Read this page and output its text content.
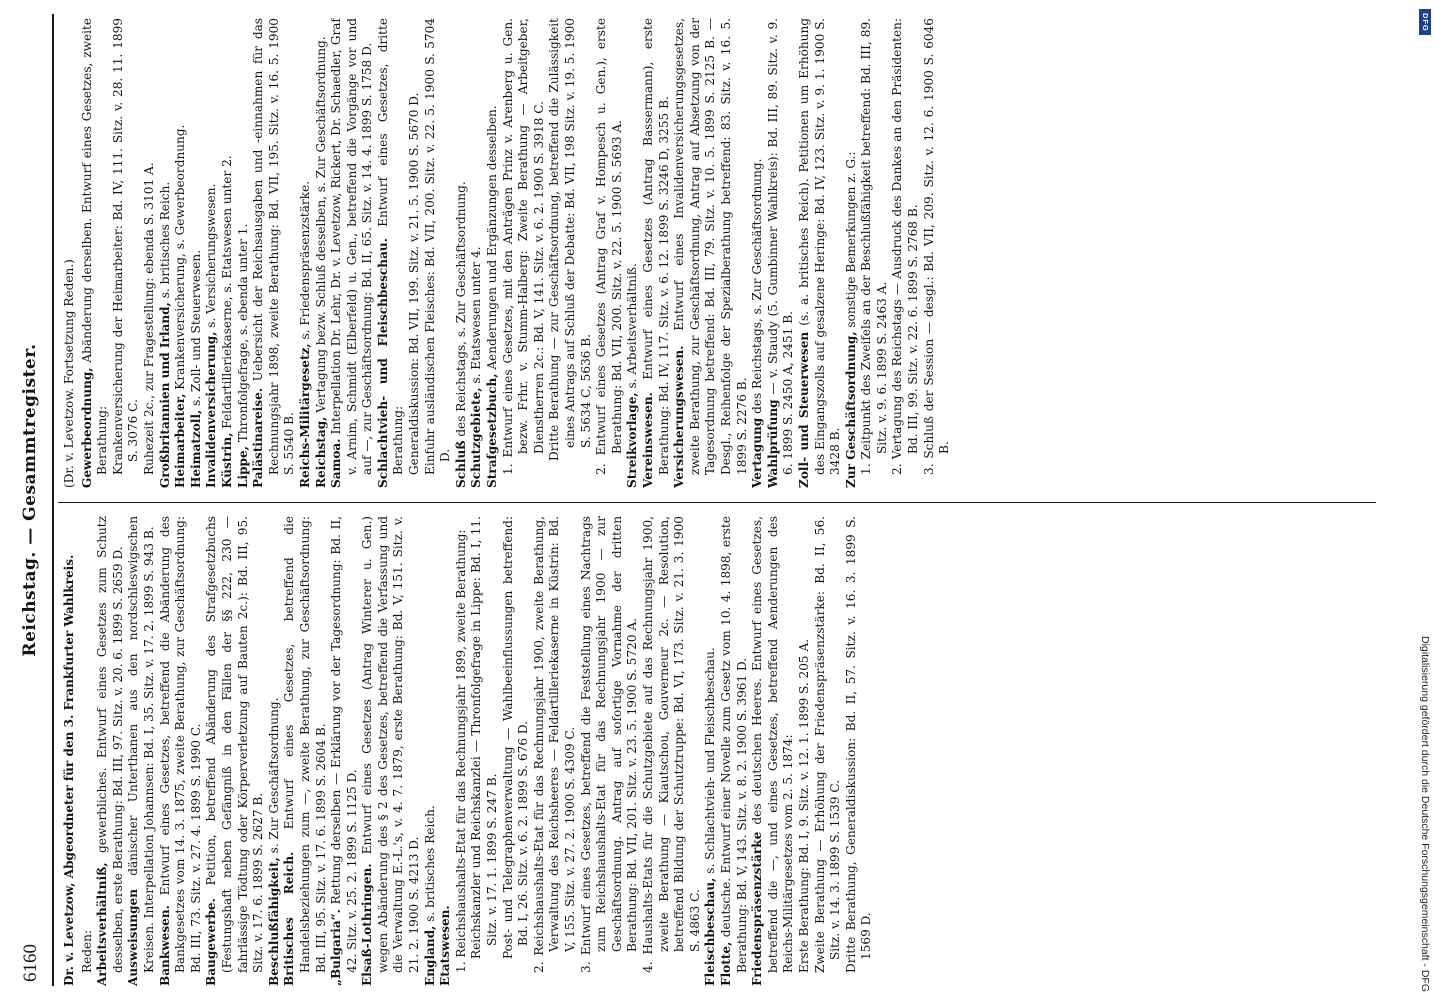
6160
Reichstag. — Gesammtregister.

Dr. v. Levetzow, Abgeordneter für den 3. Frankfurter Wahlkreis. Reden: Arbeitsverhältniß, gewerbliches. Entwurf eines Gesetzes zum Schutz desselben, erste Berathung: Bd. III, 97. Sitz. v. 20. 6. 1899 S. 2659 D. Ausweisungen dänischer Unterthanen aus den nordschleswigschen Kreisen. Interpellation Johannsen: Bd. I, 35. Sitz. v. 17. 2. 1899 S. 943 B. Bankwesen. Entwurf eines Gesetzes, betreffend die Abänderung des Bankgesetzes vom 14. 3. 1875, zweite Berathung, zur Geschäftsordnung: Bd. III, 73. Sitz. v. 27. 4. 1899 S. 1990 C. Baugewerbe. Petition, betreffend Abänderung des Strafgesetzbuchs (Festungshaft neben Gefängniß in den Fällen der §§ 222, 230 — fahrlässige Tödtung oder Körperverletzung auf Bauten 2c.): Bd. III, 95. Sitz. v. 17. 6. 1899 S. 2627 B. Beschlußfähigkeit, s. Zur Geschäftsordnung.

Britisches Reich. Entwurf eines Gesetzes, betreffend die Handelsbeziehungen zum —, zweite Berathung, zur Geschäftsordnung: Bd. III, 95. Sitz. v. 17. 6. 1899 S. 2604 B. „Bulgaria“. Rettung derselben — Erklärung vor der Tagesordnung: Bd. II, 42. Sitz. v. 25. 2. 1899 S. 1125 D. Elsaß-Lothringen. Entwurf eines Gesetzes (Antrag Winterer u. Gen.) wegen Abänderung des § 2 des Gesetzes, betreffend die Verfassung und die Verwaltung E.-L.'s, v. 4. 7. 1879, erste Berathung: Bd. V, 151. Sitz. v. 21. 2. 1900 S. 4213 D. England, s. britisches Reich.

Etatswesen. 1. Reichshaushalts-Etat für das Rechnungsjahr 1899, zweite Berathung: Reichskanzler und Reichskanzlei — Thronfolgefrage in Lippe: Bd. I, 11. Sitz. v. 17. 1. 1899 S. 247 B. Post- und Telegraphenverwaltung — Wahlbeeinflussungen betreffend: Bd. I, 26. Sitz. v. 6. 2. 1899 S. 676 D. 2. Reichshaushalts-Etat für das Rechnungsjahr 1900, zweite Berathung, Verwaltung des Reichsheeres — Feldartilleriekaserne in Küstrin: Bd. V, 155. Sitz. v. 27. 2. 1900 S. 4309 C. 3. Entwurf eines Gesetzes, betreffend die Feststellung eines Nachtrags zum Reichshaushalts-Etat für das Rechnungsjahr 1900 — zur Geschäftsordnung. Antrag auf sofortige Vornahme der dritten Berathung: Bd. VII, 201. Sitz. v. 23. 5. 1900 S. 5720 A. 4. Haushalts-Etats für die Schutzgebiete auf das Rechnungsjahr 1900, zweite Berathung — Kiautschou, Gouverneur 2c. — Resolution, betreffend Bildung der Schutztruppe: Bd. VI, 173. Sitz. v. 21. 3. 1900 S. 4863 C. Fleischbeschau, s. Schlachtvieh- und Fleischbeschau.

Flotte, deutsche. Entwurf einer Novelle zum Gesetz vom 10. 4. 1898, erste Berathung: Bd. V, 143. Sitz. v. 8. 2. 1900 S. 3961 D. Friedenspräsenzstärke des deutschen Heeres. Entwurf eines Gesetzes, betreffend die —, und eines Gesetzes, betreffend Aenderungen des Reichs-Militärgesetzes vom 2. 5. 1874: Erste Berathung: Bd. I, 9. Sitz. v. 12. 1. 1899 S. 205 A. Zweite Berathung — Erhöhung der Friedenspräsenzstärke: Bd. II, 56. Sitz. v. 14. 3. 1899 S. 1539 C. Dritte Berathung, Generaldiskussion: Bd. II, 57. Sitz. v. 16. 3. 1899 S. 1569 D.

(Dr. v. Levetzow. Fortsetzung Reden.) Gewerbeordnung, Abänderung derselben. Entwurf eines Gesetzes, zweite Berathung: Krankenversicherung der Heimarbeiter: Bd. IV, 111. Sitz. v. 28. 11. 1899 S. 3076 C. Ruhezeit 2c., zur Fragestellung: ebenda S. 3101 A. Großbritannien und Irland, s. britisches Reich.

Heimarbeiter, Krankenversicherung, s. Gewerbeordnung.

Heimatzoll, s. Zoll- und Steuerwesen.

Invalidenversicherung, s. Versicherungswesen.

Küstrin, Feldartilleriekaserne, s. Etatswesen unter 2.

Lippe, Thronfolgefrage, s. ebenda unter 1. Palästinareise. Uebersicht der Reichsausgaben und -einnahmen für das Rechnungsjahr 1898, zweite Berathung: Bd. VII, 195. Sitz. v. 16. 5. 1900 S. 5540 B. Reichs-Militärgesetz, s. Friedenspräsenzstärke.

Reichstag, Vertagung bezw. Schluß desselben, s. Zur Geschäftsordnung.

Samoa. Interpellation Dr. Lehr, Dr. v. Levetzow, Rickert, Dr. Schaedler, Graf v. Arnim, Schmidt (Elberfeld) u. Gen., betreffend die Vorgänge vor und auf —, zur Geschäftsordnung: Bd. II, 65. Sitz. v. 14. 4. 1899 S. 1758 D. Schlachtvieh- und Fleischbeschau. Entwurf eines Gesetzes, dritte Berathung: Generaldiskussion: Bd. VII, 199. Sitz. v. 21. 5. 1900 S. 5670 D. Einfuhr ausländischen Fleisches: Bd. VII, 200. Sitz. v. 22. 5. 1900 S. 5704 D. Schluß des Reichstags, s. Zur Geschäftsordnung. Schutzgebiete, s. Etatswesen unter 4.

Strafgesetzbuch, Aenderungen und Ergänzungen desselben. 1. Entwurf eines Gesetzes, mit den Anträgen Prinz v. Arenberg u. Gen. bezw. Frhr. v. Stumm-Halberg: Zweite Berathung — Arbeitgeber, Dienstherren 2c.: Bd. V, 141. Sitz. v. 6. 2. 1900 S. 3918 C. Dritte Berathung — zur Geschäftsordnung, betreffend die Zulässigkeit eines Antrags auf Schluß der Debatte: Bd. VII, 198 Sitz. v. 19. 5. 1900 S. 5634 C, 5636 B. 2. Entwurf eines Gesetzes (Antrag Graf v. Hompesch u. Gen.), erste Berathung: Bd. VII, 200. Sitz. v. 22. 5. 1900 S. 5693 A. Streikvorlage, s. Arbeitsverhältniß.

Vereinswesen. Entwurf eines Gesetzes (Antrag Bassermann), erste Berathung: Bd. IV, 117. Sitz. v. 6. 12. 1899 S. 3246 D, 3255 B. Versicherungswesen. Entwurf eines Invalidenversicherungsgesetzes, zweite Berathung, zur Geschäftsordnung, Antrag auf Absetzung von der Tagesordnung betreffend: Bd. III, 79. Sitz. v. 10. 5. 1899 S. 2125 B. — Desgl., Reihenfolge der Spezialberathung betreffend: 83. Sitz. v. 16. 5. 1899 S. 2276 B. Vertagung des Reichstags, s. Zur Geschäftsordnung.

Wahlprüfung — v. Staudy (5. Gumbinner Wahlkreis): Bd. III, 89. Sitz. v. 9. 6. 1899 S. 2450 A, 2451 B. Zoll- und Steuerwesen (s. a. britisches Reich). Petitionen um Erhöhung des Eingangszolls auf gesalzene Heringe: Bd. IV, 123. Sitz. v. 9. 1. 1900 S. 3428 B. Zur Geschäftsordnung, sonstige Bemerkungen z. G.: 1. Zeitpunkt des Zweifels an der Beschlußfähigkeit betreffend: Bd. III, 89. Sitz. v. 9. 6. 1899 S. 2463 A. 2. Vertagung des Reichstags — Ausdruck des Dankes an den Präsidenten: Bd. III, 99. Sitz. v. 22. 6. 1899 S. 2768 B. 3. Schluß der Session — desgl.: Bd. VII, 209. Sitz. v. 12. 6. 1900 S. 6046 B.

DFG
Digitalisierung gefördert durch die Deutsche Forschungsgemeinschaft - DFG
